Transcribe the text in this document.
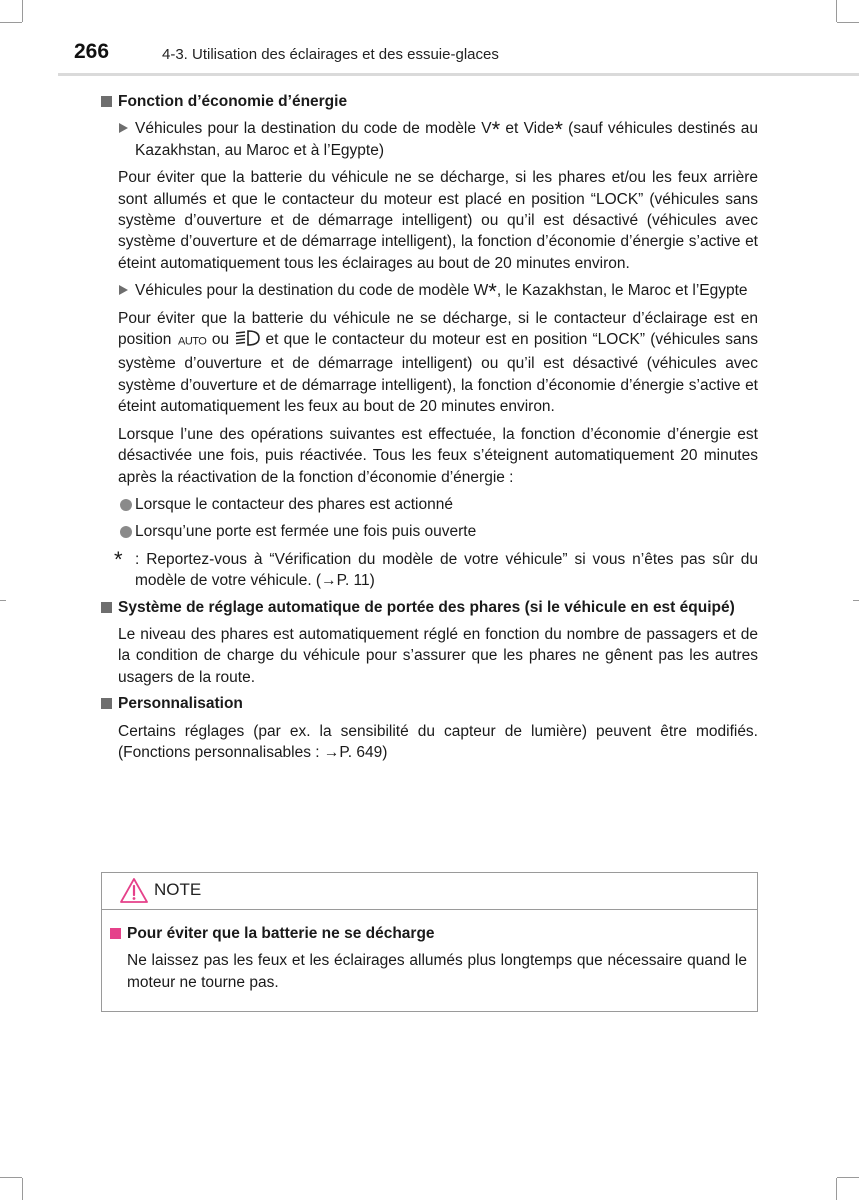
266	4-3. Utilisation des éclairages et des essuie-glaces
Fonction d’économie d’énergie
Véhicules pour la destination du code de modèle V* et Vide* (sauf véhicules destinés au Kazakhstan, au Maroc et à l’Egypte)

Pour éviter que la batterie du véhicule ne se décharge, si les phares et/ou les feux arrière sont allumés et que le contacteur du moteur est placé en position “LOCK” (véhicules sans système d’ouverture et de démarrage intelligent) ou qu’il est désactivé (véhicules avec système d’ouverture et de démarrage intelligent), la fonction d’économie d’énergie s’active et éteint automatiquement tous les éclairages au bout de 20 minutes environ.

Véhicules pour la destination du code de modèle W*, le Kazakhstan, le Maroc et l’Egypte

Pour éviter que la batterie du véhicule ne se décharge, si le contacteur d’éclairage est en position AUTO ou  et que le contacteur du moteur est en position “LOCK” (véhicules sans système d’ouverture et de démarrage intelligent) ou qu’il est désactivé (véhicules avec système d’ouverture et de démarrage intelligent), la fonction d’économie d’énergie s’active et éteint automatiquement les feux au bout de 20 minutes environ.

Lorsque l’une des opérations suivantes est effectuée, la fonction d’économie d’énergie est désactivée une fois, puis réactivée. Tous les feux s’éteignent automatiquement 20 minutes après la réactivation de la fonction d’économie d’énergie :

Lorsque le contacteur des phares est actionné
Lorsqu’une porte est fermée une fois puis ouverte
* : Reportez-vous à “Vérification du modèle de votre véhicule” si vous n’êtes pas sûr du modèle de votre véhicule. (→P. 11)
Système de réglage automatique de portée des phares (si le véhicule en est équipé)

Le niveau des phares est automatiquement réglé en fonction du nombre de passagers et de la condition de charge du véhicule pour s’assurer que les phares ne gênent pas les autres usagers de la route.

Personnalisation

Certains réglages (par ex. la sensibilité du capteur de lumière) peuvent être modifiés. (Fonctions personnalisables : →P. 649)

NOTE
Pour éviter que la batterie ne se décharge

Ne laissez pas les feux et les éclairages allumés plus longtemps que nécessaire quand le moteur ne tourne pas.
